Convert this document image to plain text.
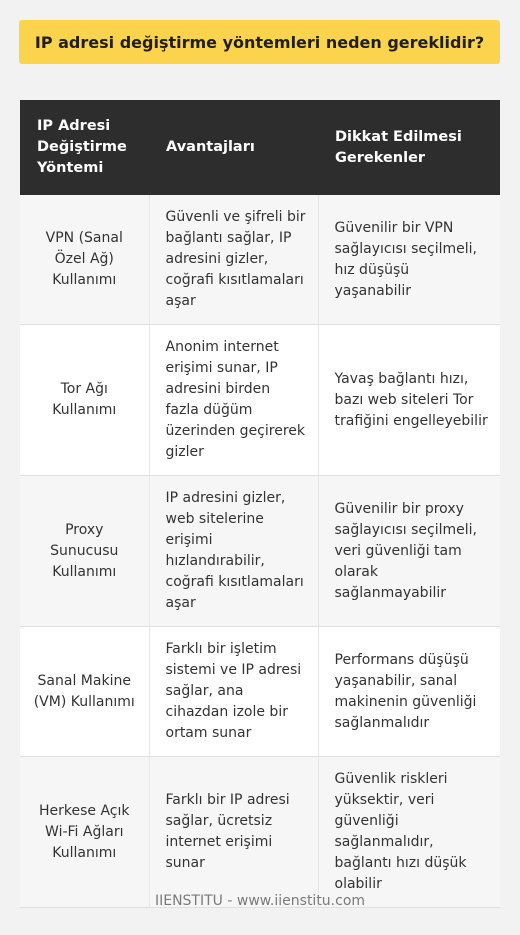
IP adresi değiştirme yöntemleri neden gereklidir?
IP Adresi Değiştirme Yöntemi	Avantajları	Dikkat Edilmesi Gerekenler
VPN (Sanal Özel Ağ) Kullanımı	Güvenli ve şifreli bir bağlantı sağlar, IP adresini gizler, coğrafi kısıtlamaları aşar	Güvenilir bir VPN sağlayıcısı seçilmeli, hız düşüşü yaşanabilir
Tor Ağı Kullanımı	Anonim internet erişimi sunar, IP adresini birden fazla düğüm üzerinden geçirerek gizler	Yavaş bağlantı hızı, bazı web siteleri Tor trafiğini engelleyebilir
Proxy Sunucusu Kullanımı	IP adresini gizler, web sitelerine erişimi hızlandırabilir, coğrafi kısıtlamaları aşar	Güvenilir bir proxy sağlayıcısı seçilmeli, veri güvenliği tam olarak sağlanmayabilir
Sanal Makine (VM) Kullanımı	Farklı bir işletim sistemi ve IP adresi sağlar, ana cihazdan izole bir ortam sunar	Performans düşüşü yaşanabilir, sanal makinenin güvenliği sağlanmalıdır
Herkese Açık Wi-Fi Ağları Kullanımı	Farklı bir IP adresi sağlar, ücretsiz internet erişimi sunar	Güvenlik riskleri yüksektir, veri güvenliği sağlanmalıdır, bağlantı hızı düşük olabilir
IIENSTITU - www.iienstitu.com
